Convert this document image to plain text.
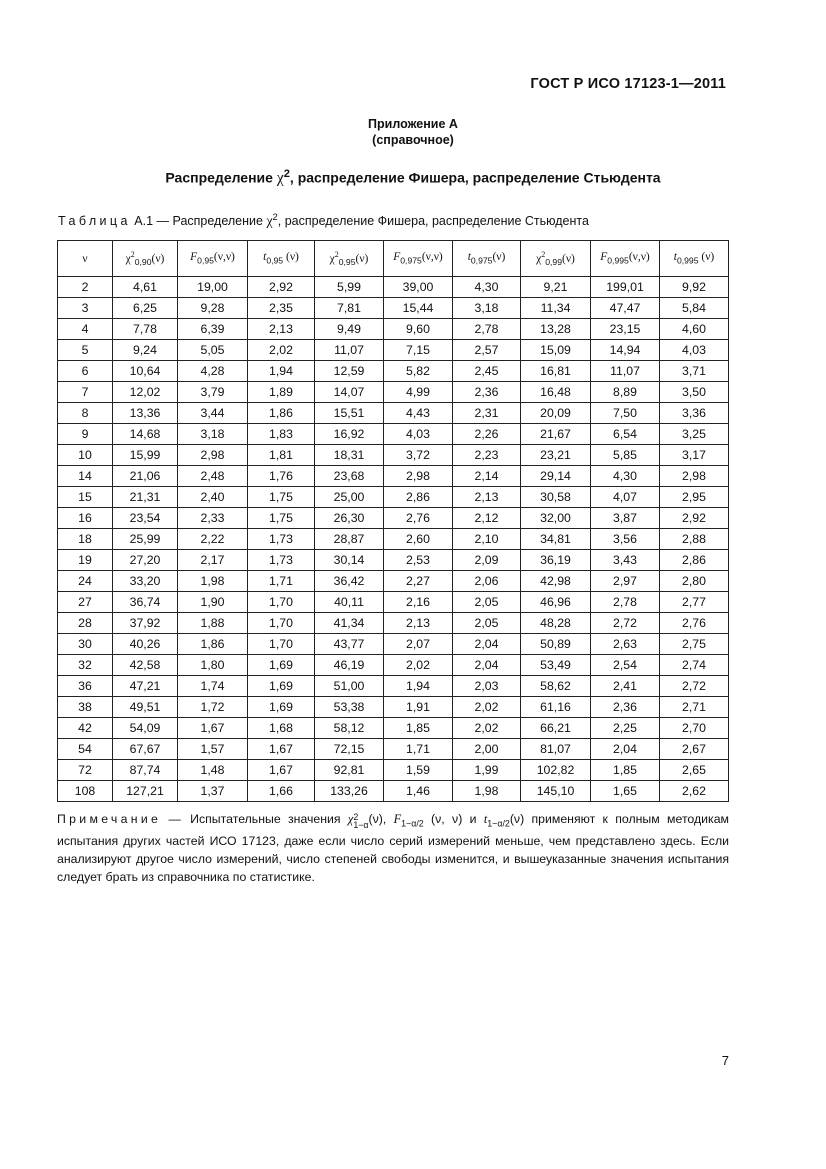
ГОСТ Р ИСО 17123-1—2011
Приложение А
(справочное)
Распределение $\chi^2$, распределение Фишера, распределение Стьюдента
Таблица А.1 — Распределение $\chi^2$, распределение Фишера, распределение Стьюдента
ν	$\chi^2_{0,90}(\nu)$	$F_{0,95}(\nu,\nu)$	$t_{0,95}$ (ν)	$\chi^2_{0,95}(\nu)$	$F_{0,975}(\nu,\nu)$	$t_{0,975}(\nu)$	$\chi^2_{0,99}(\nu)$	$F_{0,995}(\nu,\nu)$	$t_{0,995}$ (ν)
2	4,61	19,00	2,92	5,99	39,00	4,30	9,21	199,01	9,92
3	6,25	9,28	2,35	7,81	15,44	3,18	11,34	47,47	5,84
4	7,78	6,39	2,13	9,49	9,60	2,78	13,28	23,15	4,60
5	9,24	5,05	2,02	11,07	7,15	2,57	15,09	14,94	4,03
6	10,64	4,28	1,94	12,59	5,82	2,45	16,81	11,07	3,71
7	12,02	3,79	1,89	14,07	4,99	2,36	16,48	8,89	3,50
8	13,36	3,44	1,86	15,51	4,43	2,31	20,09	7,50	3,36
9	14,68	3,18	1,83	16,92	4,03	2,26	21,67	6,54	3,25
10	15,99	2,98	1,81	18,31	3,72	2,23	23,21	5,85	3,17
14	21,06	2,48	1,76	23,68	2,98	2,14	29,14	4,30	2,98
15	21,31	2,40	1,75	25,00	2,86	2,13	30,58	4,07	2,95
16	23,54	2,33	1,75	26,30	2,76	2,12	32,00	3,87	2,92
18	25,99	2,22	1,73	28,87	2,60	2,10	34,81	3,56	2,88
19	27,20	2,17	1,73	30,14	2,53	2,09	36,19	3,43	2,86
24	33,20	1,98	1,71	36,42	2,27	2,06	42,98	2,97	2,80
27	36,74	1,90	1,70	40,11	2,16	2,05	46,96	2,78	2,77
28	37,92	1,88	1,70	41,34	2,13	2,05	48,28	2,72	2,76
30	40,26	1,86	1,70	43,77	2,07	2,04	50,89	2,63	2,75
32	42,58	1,80	1,69	46,19	2,02	2,04	53,49	2,54	2,74
36	47,21	1,74	1,69	51,00	1,94	2,03	58,62	2,41	2,72
38	49,51	1,72	1,69	53,38	1,91	2,02	61,16	2,36	2,71
42	54,09	1,67	1,68	58,12	1,85	2,02	66,21	2,25	2,70
54	67,67	1,57	1,67	72,15	1,71	2,00	81,07	2,04	2,67
72	87,74	1,48	1,67	92,81	1,59	1,99	102,82	1,85	2,65
108	127,21	1,37	1,66	133,26	1,46	1,98	145,10	1,65	2,62
Примечание — Испытательные значения χ2
1−α(ν), $F_{1-\alpha/2}$ (ν, ν) и $t_{1-\alpha/2}(\nu)$ применяют к полным методикам испытания других частей ИСО 17123, даже если число серий измерений меньше, чем представлено здесь. Если анализируют другое число измерений, число степеней свободы изменится, и вышеуказанные значения испытания следует брать из справочника по статистике.
7
